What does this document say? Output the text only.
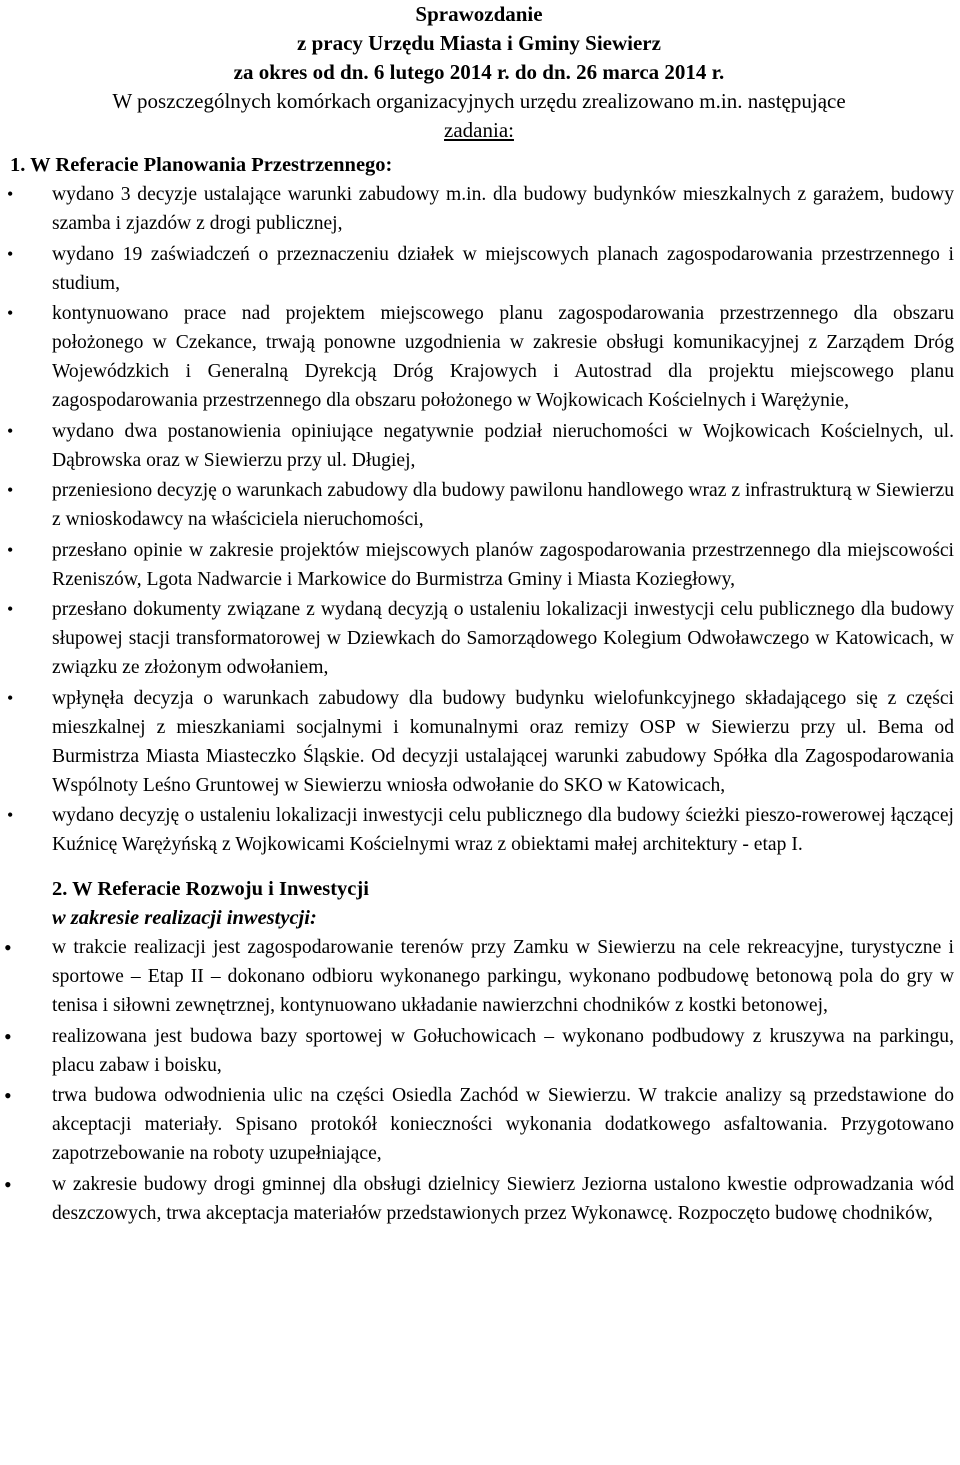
Sprawozdanie
z pracy Urzędu Miasta i Gminy Siewierz
za okres od dn. 6 lutego 2014 r. do dn. 26 marca 2014 r.
W poszczególnych komórkach organizacyjnych urzędu zrealizowano m.in. następujące
zadania:
1. W Referacie Planowania Przestrzennego:
• wydano 3 decyzje ustalające warunki zabudowy m.in. dla budowy budynków mieszkalnych z garażem, budowy szamba i zjazdów z drogi publicznej,
• wydano 19 zaświadczeń o przeznaczeniu działek w miejscowych planach zagospodarowania przestrzennego i studium,
• kontynuowano prace nad projektem miejscowego planu zagospodarowania przestrzennego dla obszaru położonego w Czekance, trwają ponowne uzgodnienia w zakresie obsługi komunikacyjnej z Zarządem Dróg Wojewódzkich i Generalną Dyrekcją Dróg Krajowych i Autostrad dla projektu miejscowego planu zagospodarowania przestrzennego dla obszaru położonego w Wojkowicach Kościelnych i Warężynie,
• wydano dwa postanowienia opiniujące negatywnie podział nieruchomości w Wojkowicach Kościelnych, ul. Dąbrowska oraz w Siewierzu przy ul. Długiej,
• przeniesiono decyzję o warunkach zabudowy dla budowy pawilonu handlowego wraz z infrastrukturą w Siewierzu z wnioskodawcy na właściciela nieruchomości,
• przesłano opinie w zakresie projektów miejscowych planów zagospodarowania przestrzennego dla miejscowości Rzeniszów, Lgota Nadwarcie i Markowice do Burmistrza Gminy i Miasta Koziegłowy,
• przesłano dokumenty związane z wydaną decyzją o ustaleniu lokalizacji inwestycji celu publicznego dla budowy słupowej stacji transformatorowej w Dziewkach do Samorządowego Kolegium Odwoławczego w Katowicach, w związku ze złożonym odwołaniem,
• wpłynęła decyzja o warunkach zabudowy dla budowy budynku wielofunkcyjnego składającego się z części mieszkalnej z mieszkaniami socjalnymi i komunalnymi oraz remizy OSP w Siewierzu przy ul. Bema od Burmistrza Miasta Miasteczko Śląskie. Od decyzji ustalającej warunki zabudowy Spółka dla Zagospodarowania Wspólnoty Leśno Gruntowej w Siewierzu wniosła odwołanie do SKO w Katowicach,
• wydano decyzję o ustaleniu lokalizacji inwestycji celu publicznego dla budowy ścieżki pieszo-rowerowej łączącej Kuźnicę Warężyńską z Wojkowicami Kościelnymi wraz z obiektami małej architektury - etap I.
2. W Referacie Rozwoju i Inwestycji
w zakresie realizacji inwestycji:
• w trakcie realizacji jest zagospodarowanie terenów przy Zamku w Siewierzu na cele rekreacyjne, turystyczne i sportowe – Etap II – dokonano odbioru wykonanego parkingu, wykonano podbudowę betonową pola do gry w tenisa i siłowni zewnętrznej, kontynuowano układanie nawierzchni chodników z kostki betonowej,
• realizowana jest budowa bazy sportowej w Gołuchowicach – wykonano podbudowy z kruszywa na parkingu, placu zabaw i boisku,
• trwa budowa odwodnienia ulic na części Osiedla Zachód w Siewierzu. W trakcie analizy są przedstawione do akceptacji materiały. Spisano protokół konieczności wykonania dodatkowego asfaltowania. Przygotowano zapotrzebowanie na roboty uzupełniające,
• w zakresie budowy drogi gminnej dla obsługi dzielnicy Siewierz Jeziorna ustalono kwestie odprowadzania wód deszczowych, trwa akceptacja materiałów przedstawionych przez Wykonawcę. Rozpoczęto budowę chodników,
